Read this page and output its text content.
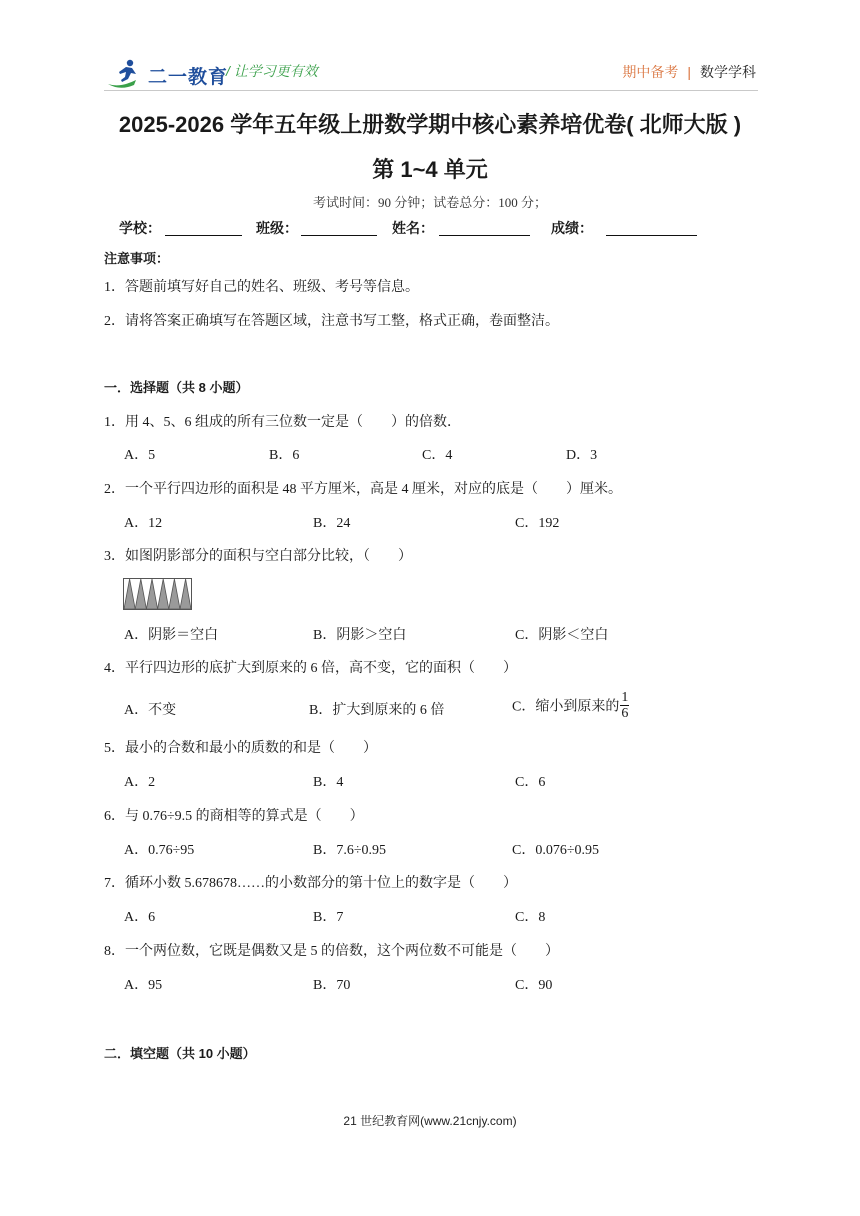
二一教育
/ 让学习更有效	期中备考 | 数学学科
2025-2026 学年五年级上册数学期中核心素养培优卷( 北师大版 )
第 1~4 单元
考试时间：90 分钟；试卷总分：100 分；
学校：	班级：	姓名：	成绩：
注意事项：
1．答题前填写好自己的姓名、班级、考号等信息。
2．请将答案正确填写在答题区域，注意书写工整，格式正确，卷面整洁。
一．选择题（共 8 小题）
1．用 4、5、6 组成的所有三位数一定是（　　）的倍数．
A．5	B．6	C．4	D．3
2．一个平行四边形的面积是 48 平方厘米，高是 4 厘米，对应的底是（　　）厘米。
A．12	B．24	C．192
3．如图阴影部分的面积与空白部分比较，（　　）
A．阴影＝空白	B．阴影＞空白	C．阴影＜空白
4．平行四边形的底扩大到原来的 6 倍，高不变，它的面积（　　）
A．不变	B．扩大到原来的 6 倍	C．缩小到原来的 $\frac{1}{6}$
5．最小的合数和最小的质数的和是（　　）
A．2	B．4	C．6
6．与 0.76÷9.5 的商相等的算式是（　　）
A．0.76÷95	B．7.6÷0.95	C．0.076÷0.95
7．循环小数 5.678678……的小数部分的第十位上的数字是（　　）
A．6	B．7	C．8
8．一个两位数，它既是偶数又是 5 的倍数，这个两位数不可能是（　　）
A．95	B．70	C．90
二．填空题（共 10 小题）
21 世纪教育网(www.21cnjy.com)
